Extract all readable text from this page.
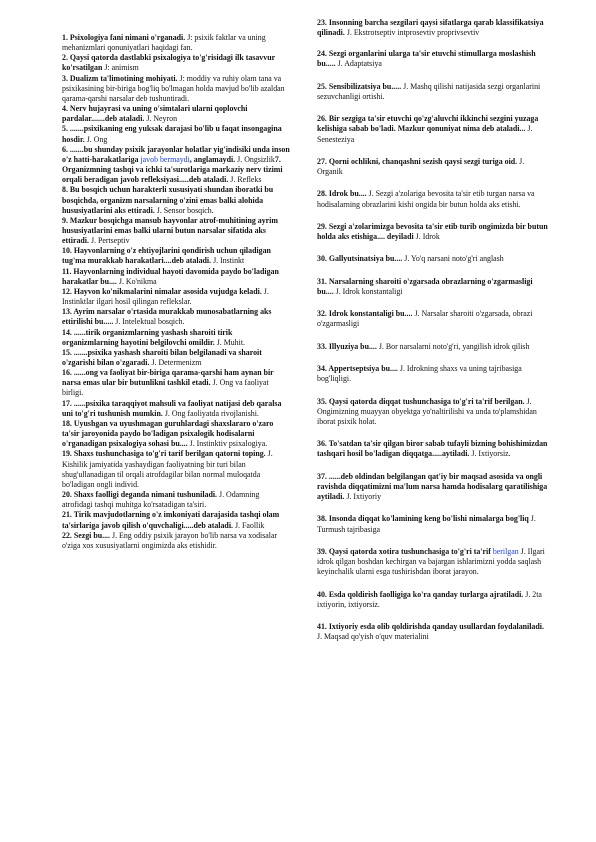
1. Psixologiya fani nimani o'rganadi. J: psixik faktlar va uning mehanizmlari qonuniyatlari haqidagi fan.

2. Qaysi qatorda dastlabki psixalogiya to'g'risidagi ilk tasavvur ko'rsatilgan J: animism

3. Dualizm ta'limotining mohiyati. J: moddiy va ruhiy olam tana va psixikasining bir-biriga bog'liq bo'lmagan holda mavjud bo'lib azaldan qarama-qarshi narsalar deb tushuntiradi.

4. Nerv hujayrasi va uning o'simtalari ularni qoplovchi pardalar.......deb ataladi. J. Neyron

5. .......psixikaning eng yuksak darajasi bo'lib u faqat insongagina hosdir. J. Ong

6. .......bu shunday psixik jarayonlar holatlar yig'indisiki unda inson o'z hatti-harakatlariga javob bermaydi, anglamaydi. J. Ongsizlik7. Organizmning tashqi va ichki ta'surotlariga markaziy nerv tizimi orqali beradigan javob refleksiyasi.....deb ataladi. J. Refleks

8. Bu bosqich uchun harakterli xususiyati shundan iboratki bu bosqichda, organizm narsalarning o'zini emas balki alohida hususiyatlarini aks ettiradi. J. Sensor bosqich.

9. Mazkur bosqichga mansub hayvonlar atrof-muhitining ayrim hususiyatlarini emas balki ularni butun narsalar sifatida aks ettiradi. J. Pertseptiv

10. Hayvonlarning o'z ehtiyojlarini qondirish uchun qiladigan tug'ma murakkab harakatlari....deb ataladi. J. Instinkt

11. Hayvonlarning individual hayoti davomida paydo bo'ladigan harakatlar bu.... J. Ko'nikma

12. Hayvon ko'nikmalarini nimalar asosida vujudga keladi. J. Instinktlar ilgari hosil qilingan reflekslar.

13. Ayrim narsalar o'rtasida murakkab munosabatlarning aks ettirilishi bu..... J. Intelektual bosqich.

14. ......tirik organizmlarning yashash sharoiti tirik organizmlarning hayotini belgilovchi omildir. J. Muhit.

15. .......psixika yashash sharoiti bilan belgilanadi va sharoit o'zgarishi bilan o'zgaradi. J. Determenizm

16. ......ong va faoliyat bir-biriga qarama-qarshi ham aynan bir narsa emas ular bir butunlikni tashkil etadi. J. Ong va faoliyat birligi.

17. ......psixika taraqqiyot mahsuli va faoliyat natijasi deb qaralsa uni to'g'ri tushunish mumkin. J. Ong faoliyatda rivojlanishi.

18. Uyushgan va uyushmagan guruhlardagi shaxslararo o'zaro ta'sir jaroyonida paydo bo'ladigan psixalogik hodisalarni o'rganadigan psixalogiya sohasi bu.... J. Instinktiv psixalogiya.

19. Shaxs tushunchasiga to'g'ri tarif berilgan qatorni toping. J. Kishilik jamiyatida yashaydigan faoliyatning bir turi bilan shug'ullanadigan til orqali atrofdagilar bilan normal muloqatda bo'ladigan ongli individ.

20. Shaxs faolligi deganda nimani tushuniladi. J. Odamning atrofidagi tashqi muhitga ko'rsatadigan ta'siri.

21. Tirik mavjudotlarning o'z imkoniyati darajasida tashqi olam ta'sirlariga javob qilish o'quvchaligi.....deb ataladi. J. Faollik

22. Sezgi bu.... J. Eng oddiy psixik jarayon bo'lib narsa va xodisalar o'ziga xos xususiyatlarni ongimizda aks etishidir.

23. Insonning barcha sezgilari qaysi sifatlarga qarab klassifikatsiya qilinadi. J. Ekstrotseptiv intprosevtiv proprivsevtiv

24. Sezgi organlarini ularga ta'sir etuvchi stimullarga moslashish bu..... J. Adaptatsiya

25. Sensibilizatsiya bu..... J. Mashq qilishi natijasida sezgi organlarini sezuvchanligi ortishi.

26. Bir sezgiga ta'sir etuvchi qo'zg'aluvchi ikkinchi sezgini yuzaga kelishiga sabab bo'ladi. Mazkur qonuniyat nima deb ataladi... J. Senesteziya

27. Qorni ochlikni, chanqashni sezish qaysi sezgi turiga oid. J. Organik

28. Idrok bu.... J. Sezgi a'zolariga bevosita ta'sir etib turgan narsa va hodisalarning obrazlarini kishi ongida bir butun holda aks etishi.

29. Sezgi a'zolarimizga bevosita ta'sir etib turib ongimizda bir butun holda aks etishiga.... deyiladi J. Idrok

30. Gallyutsinatsiya bu.... J. Yo'q narsani noto'g'ri anglash

31. Narsalarning sharoiti o'zgarsada obrazlarning o'zgarmasligi bu.... J. Idrok konstantaligi

32. Idrok konstantaligi bu.... J. Narsalar sharoiti o'zgarsada, obrazi o'zgarmasligi

33. Illyuziya bu.... J. Bor narsalarni noto'g'ri, yangilish idrok qilish

34. Appertseptsiya bu.... J. Idrokning shaxs va uning tajribasiga bog'liqligi.

35. Qaysi qatorda diqqat tushunchasiga to'g'ri ta'rif berilgan. J. Ongimizning muayyan obyektga yo'naltirilishi va unda to'plamshidan iborat psixik holat.

36. To'satdan ta'sir qilgan biror sabab tufayli bizning bohishimizdan tashqari hosil bo'ladigan diqqatga.....aytiladi. J. Ixtiyorsiz.

37. ......deb oldindan belgilangan qat'iy bir maqsad asosida va ongli ravishda diqqatimizni ma'lum narsa hamda hodisalarg qaratilishiga aytiladi. J. Ixtiyoriy

38. Insonda diqqat ko'lamining keng bo'lishi nimalarga bog'liq J. Turmush tajribasiga

39. Qaysi qatorda xotira tushunchasiga to'g'ri ta'rif berilgan J. Ilgari idrok qilgan boshdan kechirgan va bajargan ishlarimizni yodda saqlash keyinchalik ularni esga tushirishdan iborat jarayon.

40. Esda qoldirish faolligiga ko'ra qanday turlarga ajratiladi. J. 2ta ixtiyorin, ixtiyorsiz.

41. Ixtiyoriy esda olib qoldirishda qanday usullardan foydalaniladi. J. Maqsad qo'yish o'quv materialini
